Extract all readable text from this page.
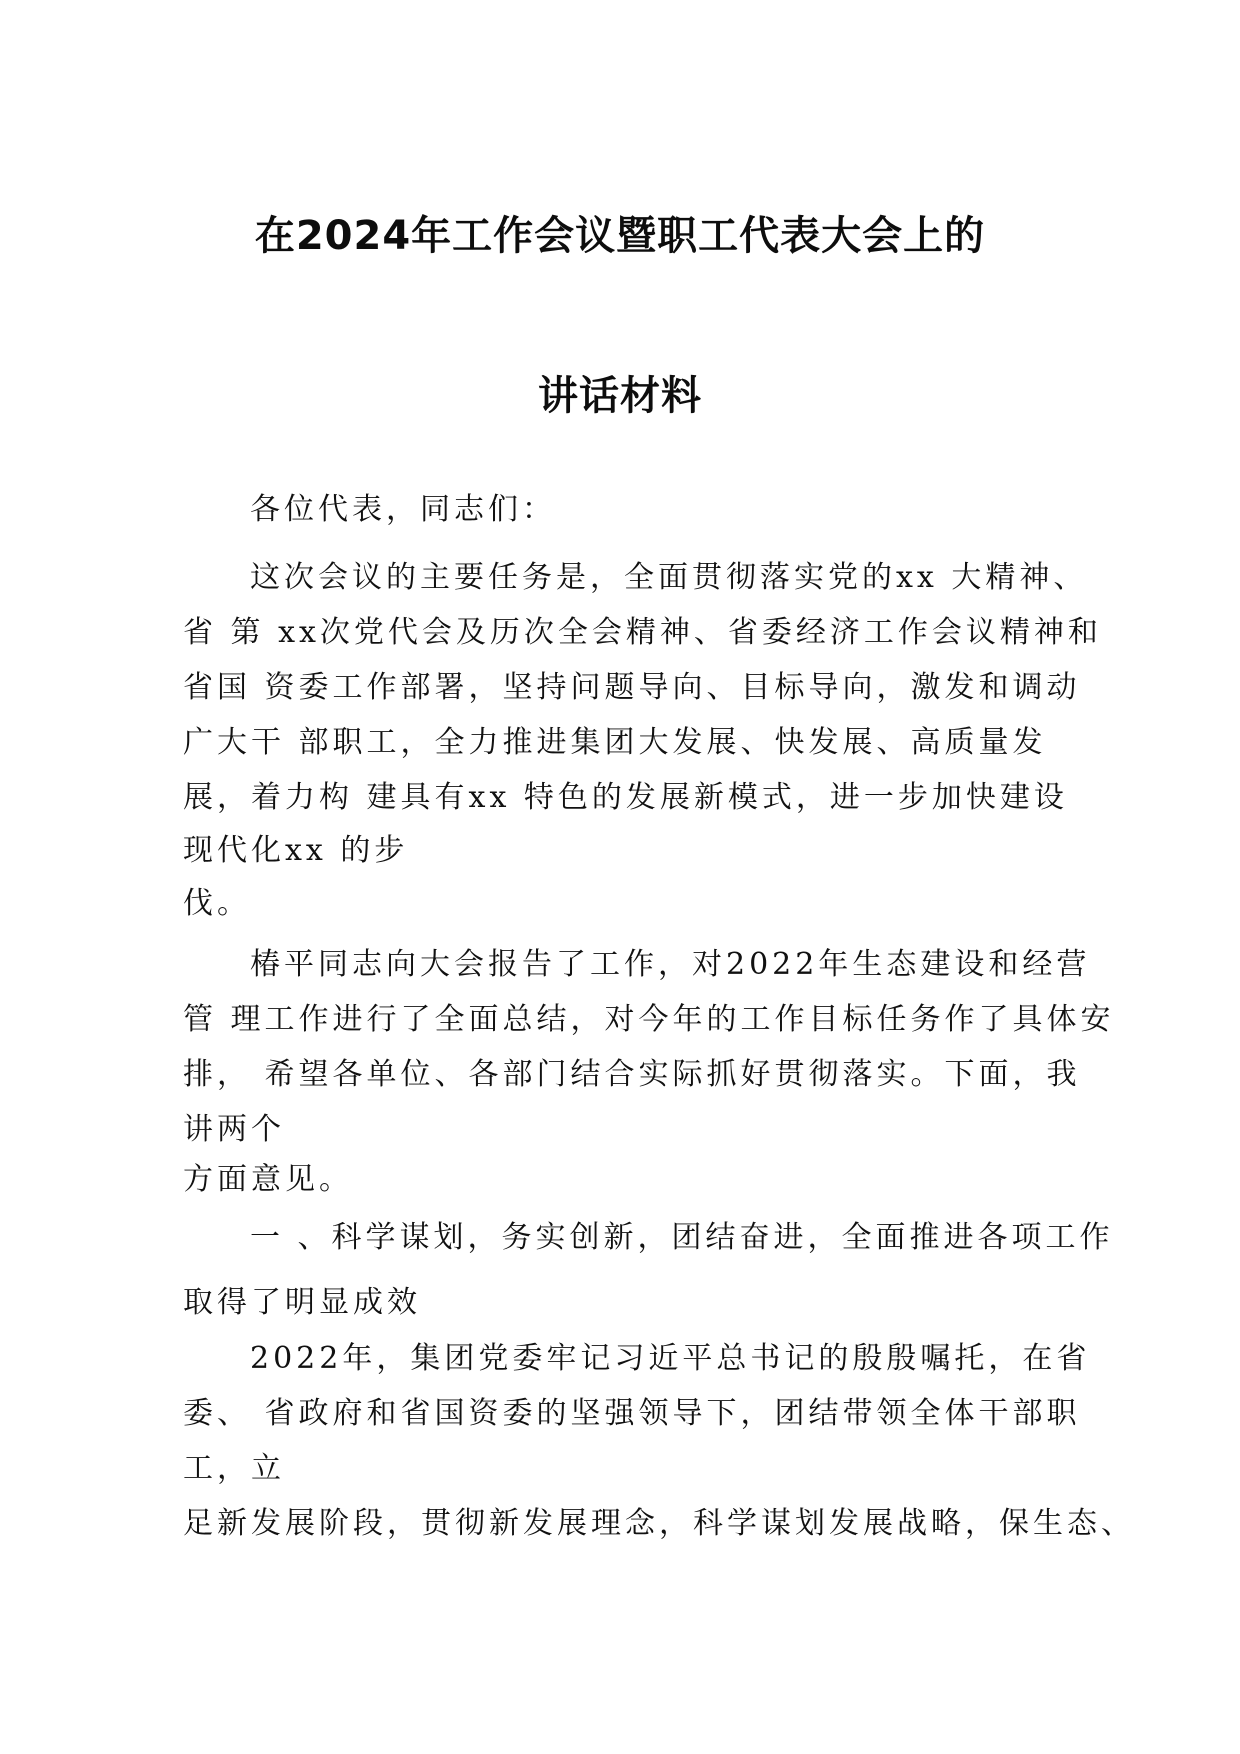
在2024年工作会议暨职工代表大会上的
讲话材料
各位代表，同志们：
这次会议的主要任务是，全面贯彻落实党的xx 大精神、
省 第 xx次党代会及历次全会精神、省委经济工作会议精神和
省国 资委工作部署，坚持问题导向、目标导向，激发和调动
广大干 部职工，全力推进集团大发展、快发展、高质量发
展，着力构 建具有xx 特色的发展新模式，进一步加快建设
现代化xx 的步
伐。
椿平同志向大会报告了工作，对2022年生态建设和经营
管 理工作进行了全面总结，对今年的工作目标任务作了具体安
排， 希望各单位、各部门结合实际抓好贯彻落实。下面，我
讲两个
方面意见。
一 、科学谋划，务实创新，团结奋进，全面推进各项工作
取得了明显成效
2022年，集团党委牢记习近平总书记的殷殷嘱托，在省
委、 省政府和省国资委的坚强领导下，团结带领全体干部职
工，立
足新发展阶段，贯彻新发展理念，科学谋划发展战略，保生态、
